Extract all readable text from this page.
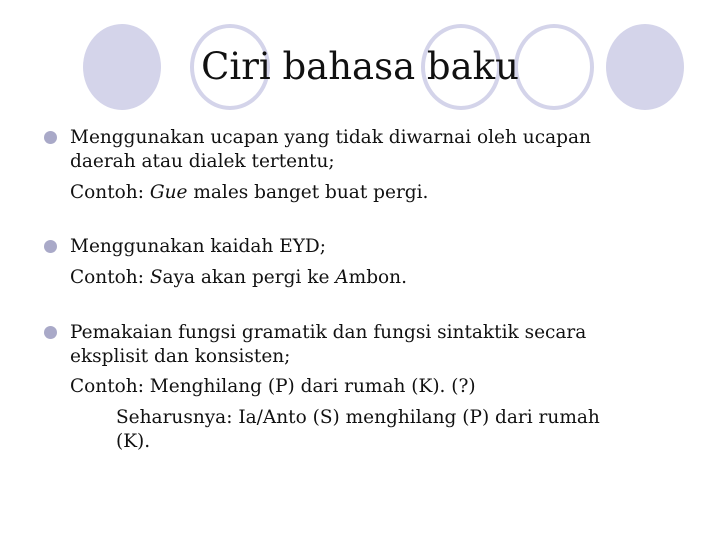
Ciri bahasa baku
Menggunakan ucapan yang tidak diwarnai oleh ucapan
daerah atau dialek tertentu;
Contoh: Gue males banget buat pergi.
Menggunakan kaidah EYD;
Contoh: Saya akan pergi ke Ambon.
Pemakaian fungsi gramatik dan fungsi sintaktik secara
eksplisit dan konsisten;
Contoh: Menghilang (P) dari rumah (K). (?)
Seharusnya: Ia/Anto (S) menghilang (P) dari rumah
(K).
